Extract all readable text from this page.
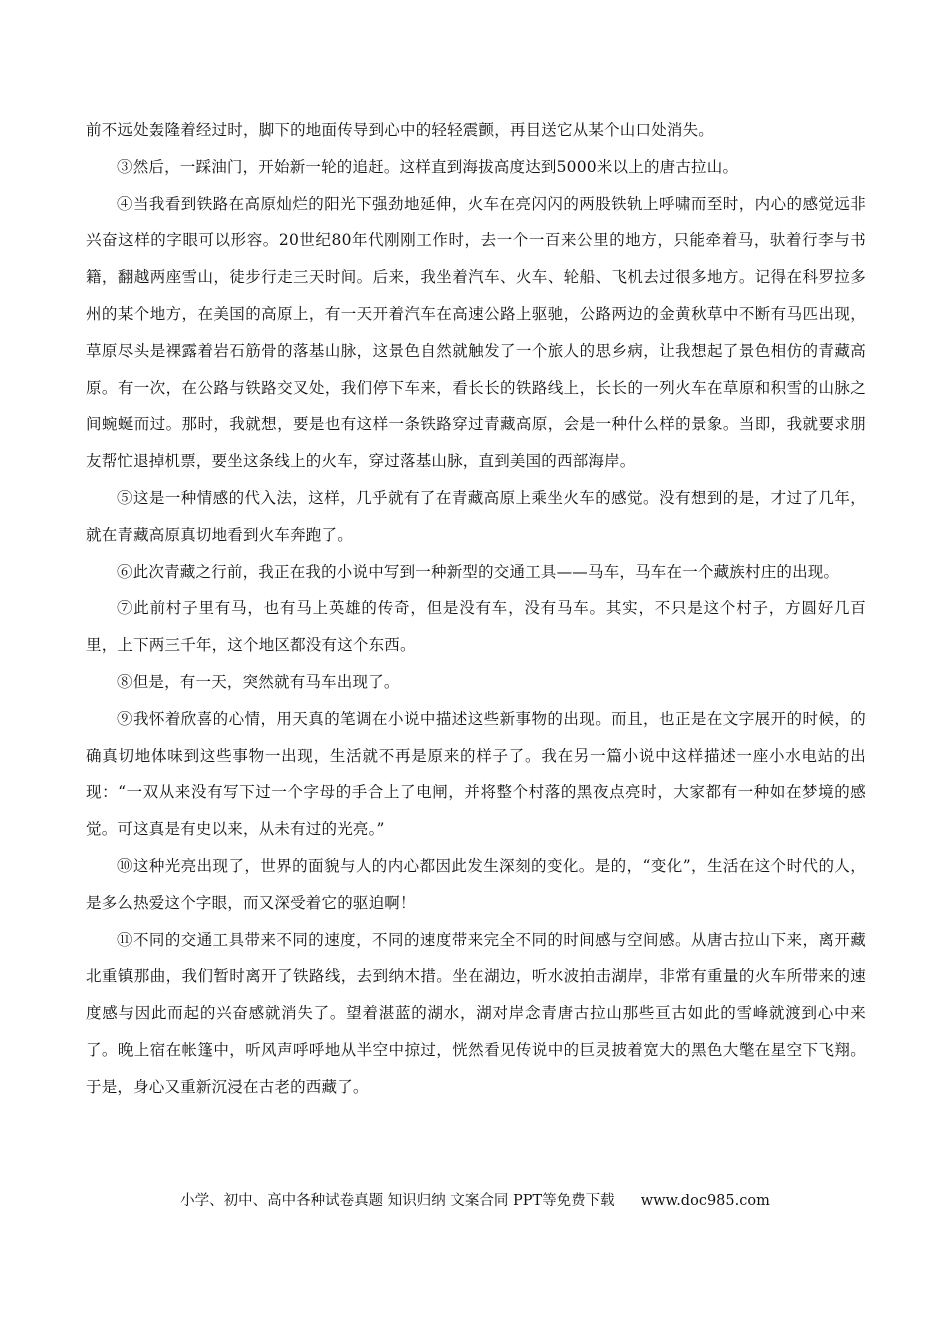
前不远处轰隆着经过时，脚下的地面传导到心中的轻轻震颤，再目送它从某个山口处消失。

③然后，一踩油门，开始新一轮的追赶。这样直到海拔高度达到5000米以上的唐古拉山。

④当我看到铁路在高原灿烂的阳光下强劲地延伸，火车在亮闪闪的两股铁轨上呼啸而至时，内心的感觉远非兴奋这样的字眼可以形容。20世纪80年代刚刚工作时，去一个一百来公里的地方，只能牵着马，驮着行李与书籍，翻越两座雪山，徒步行走三天时间。后来，我坐着汽车、火车、轮船、飞机去过很多地方。记得在科罗拉多州的某个地方，在美国的高原上，有一天开着汽车在高速公路上驱驰，公路两边的金黄秋草中不断有马匹出现，草原尽头是裸露着岩石筋骨的落基山脉，这景色自然就触发了一个旅人的思乡病，让我想起了景色相仿的青藏高原。有一次，在公路与铁路交叉处，我们停下车来，看长长的铁路线上，长长的一列火车在草原和积雪的山脉之间蜿蜒而过。那时，我就想，要是也有这样一条铁路穿过青藏高原，会是一种什么样的景象。当即，我就要求朋友帮忙退掉机票，要坐这条线上的火车，穿过落基山脉，直到美国的西部海岸。

⑤这是一种情感的代入法，这样，几乎就有了在青藏高原上乘坐火车的感觉。没有想到的是，才过了几年，就在青藏高原真切地看到火车奔跑了。

⑥此次青藏之行前，我正在我的小说中写到一种新型的交通工具——马车，马车在一个藏族村庄的出现。

⑦此前村子里有马，也有马上英雄的传奇，但是没有车，没有马车。其实，不只是这个村子，方圆好几百里，上下两三千年，这个地区都没有这个东西。

⑧但是，有一天，突然就有马车出现了。

⑨我怀着欣喜的心情，用天真的笔调在小说中描述这些新事物的出现。而且，也正是在文字展开的时候，的确真切地体味到这些事物一出现，生活就不再是原来的样子了。我在另一篇小说中这样描述一座小水电站的出现：“一双从来没有写下过一个字母的手合上了电闸，并将整个村落的黑夜点亮时，大家都有一种如在梦境的感觉。可这真是有史以来，从未有过的光亮。”

⑩这种光亮出现了，世界的面貌与人的内心都因此发生深刻的变化。是的，“变化”，生活在这个时代的人，是多么热爱这个字眼，而又深受着它的驱迫啊！

⑪不同的交通工具带来不同的速度，不同的速度带来完全不同的时间感与空间感。从唐古拉山下来，离开藏北重镇那曲，我们暂时离开了铁路线，去到纳木措。坐在湖边，听水波拍击湖岸，非常有重量的火车所带来的速度感与因此而起的兴奋感就消失了。望着湛蓝的湖水，湖对岸念青唐古拉山那些亘古如此的雪峰就渡到心中来了。晚上宿在帐篷中，听风声呼呼地从半空中掠过，恍然看见传说中的巨灵披着宽大的黑色大氅在星空下飞翔。于是，身心又重新沉浸在古老的西藏了。

小学、初中、高中各种试卷真题 知识归纳 文案合同 PPT等免费下载 www.doc985.com
